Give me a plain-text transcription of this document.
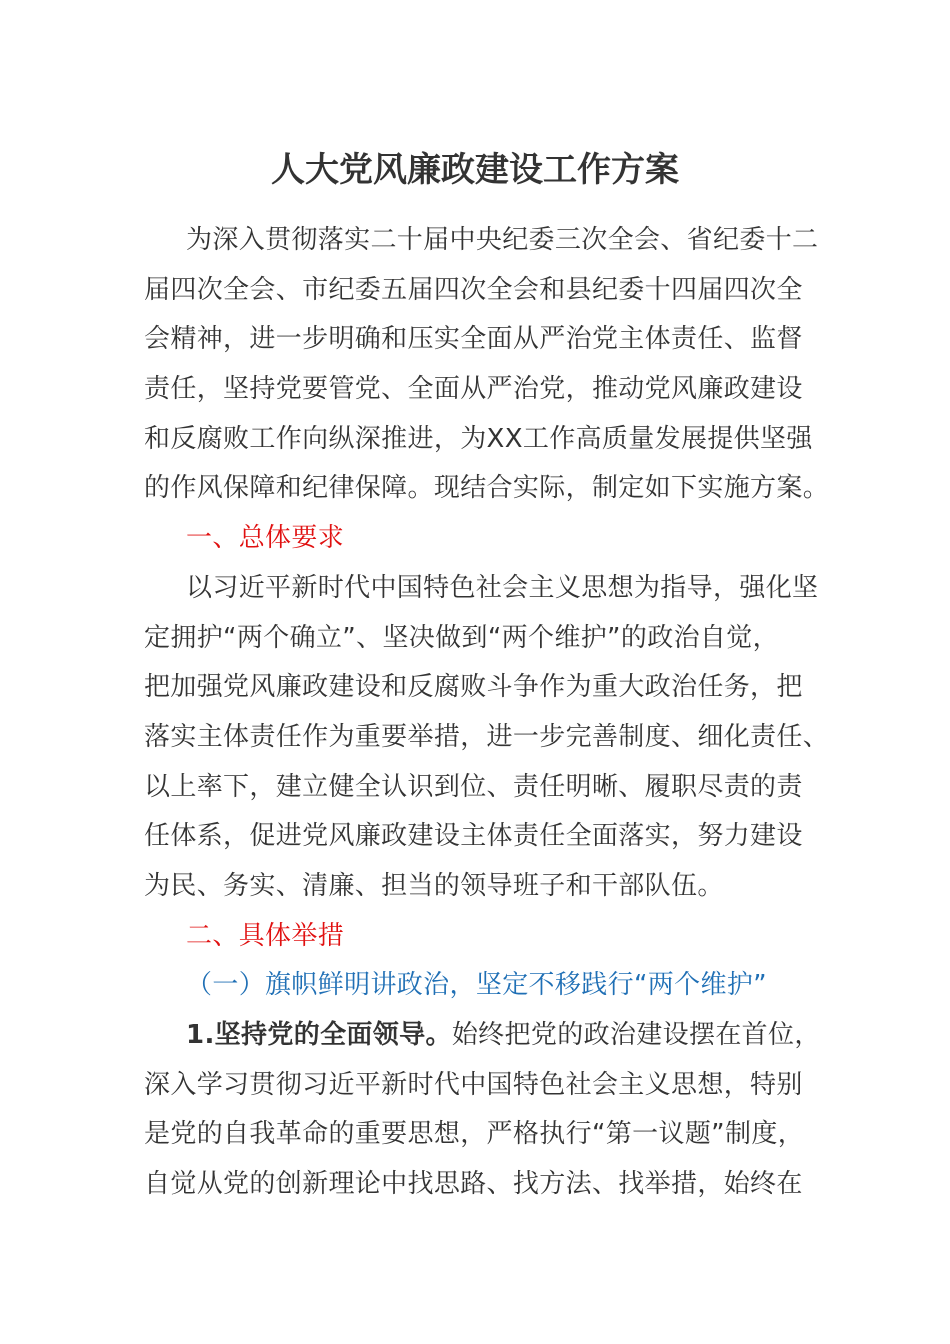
人大党风廉政建设工作方案
为深入贯彻落实二十届中央纪委三次全会、省纪委十二
届四次全会、市纪委五届四次全会和县纪委十四届四次全
会精神，进一步明确和压实全面从严治党主体责任、监督
责任，坚持党要管党、全面从严治党，推动党风廉政建设
和反腐败工作向纵深推进，为XX工作高质量发展提供坚强
的作风保障和纪律保障。现结合实际，制定如下实施方案。
一、总体要求
以习近平新时代中国特色社会主义思想为指导，强化坚
定拥护“两个确立”、坚决做到“两个维护”的政治自觉，
把加强党风廉政建设和反腐败斗争作为重大政治任务，把
落实主体责任作为重要举措，进一步完善制度、细化责任、
以上率下，建立健全认识到位、责任明晰、履职尽责的责
任体系，促进党风廉政建设主体责任全面落实，努力建设
为民、务实、清廉、担当的领导班子和干部队伍。
二、具体举措
（一）旗帜鲜明讲政治，坚定不移践行“两个维护”
1.坚持党的全面领导。始终把党的政治建设摆在首位，
深入学习贯彻习近平新时代中国特色社会主义思想，特别
是党的自我革命的重要思想，严格执行“第一议题”制度，
自觉从党的创新理论中找思路、找方法、找举措，始终在
